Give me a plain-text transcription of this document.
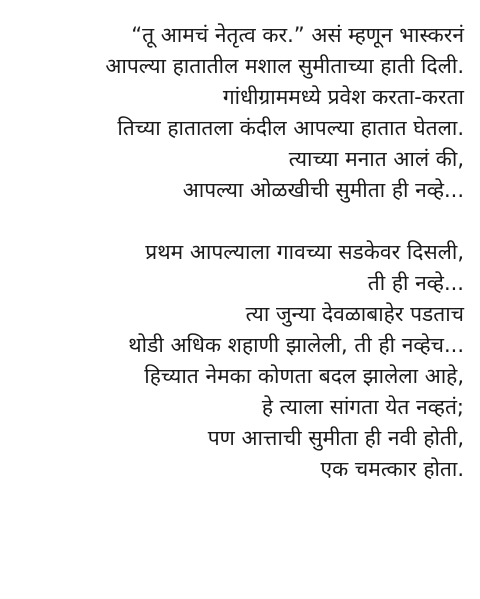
“तू आमचं नेतृत्व कर.” असं म्हणून भास्करनं

आपल्या हातातील मशाल सुमीताच्या हाती दिली.

गांधीग्राममध्ये प्रवेश करता-करता

तिच्या हातातला कंदील आपल्या हातात घेतला.

त्याच्या मनात आलं की,

आपल्या ओळखीची सुमीता ही नव्हे...

प्रथम आपल्याला गावच्या सडकेवर दिसली,

ती ही नव्हे...

त्या जुन्या देवळाबाहेर पडताच

थोडी अधिक शहाणी झालेली, ती ही नव्हेच...

हिच्यात नेमका कोणता बदल झालेला आहे,

हे त्याला सांगता येत नव्हतं;

पण आत्ताची सुमीता ही नवी होती,

एक चमत्कार होता.
